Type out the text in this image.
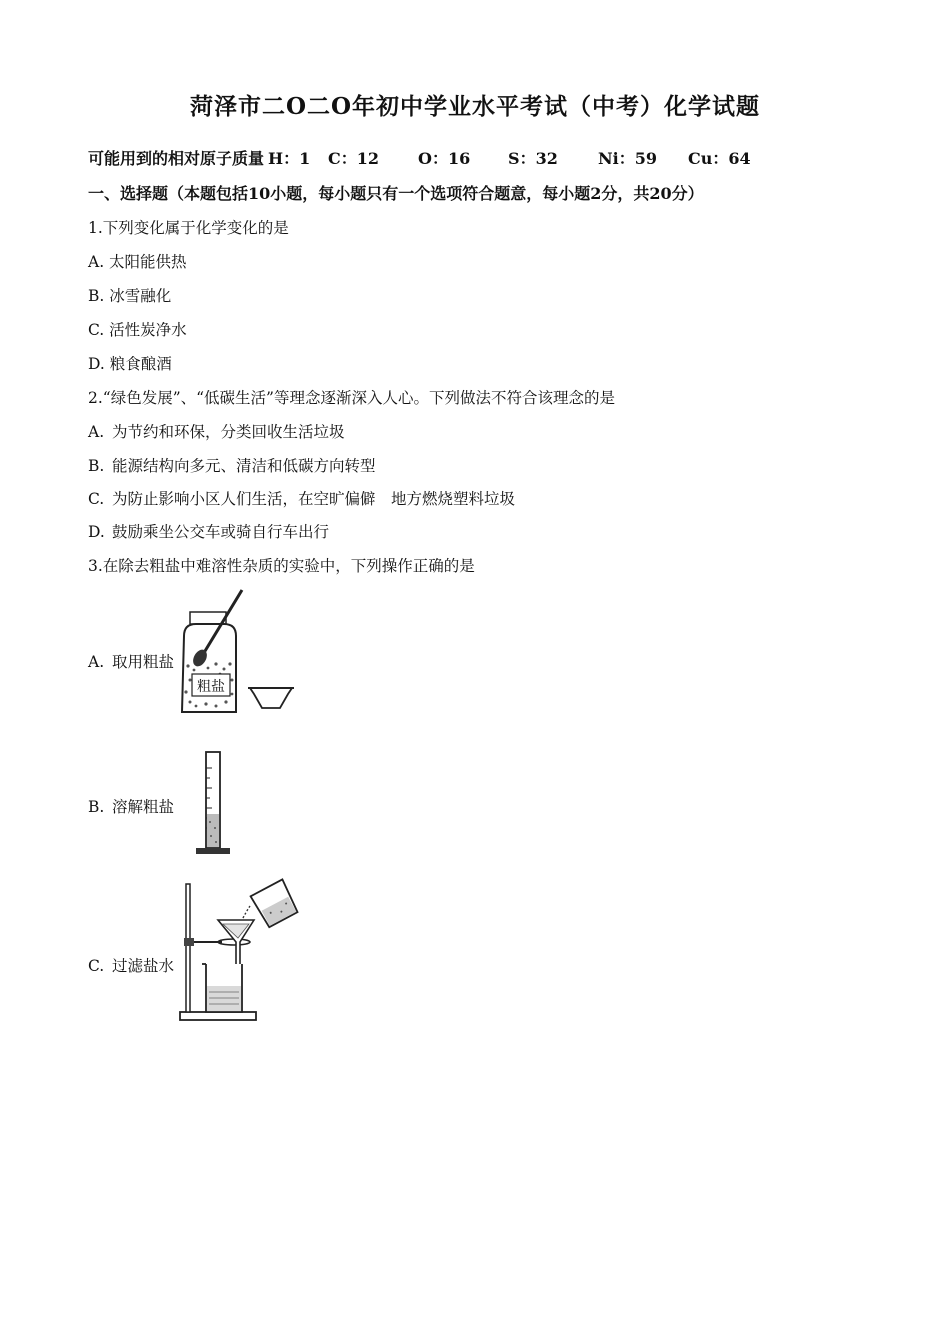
菏泽市二O二O年初中学业水平考试（中考）化学试题
可能用到的相对原子质量 H：1 C：12 O：16 S：32	Ni：59 Cu：64
一、选择题（本题包括10小题，每小题只有一个选项符合题意，每小题2分，共20分）
1.下列变化属于化学变化的是
A. 太阳能供热
B. 冰雪融化
C. 活性炭净水
D. 粮食酿酒
2.“绿色发展”、“低碳生活”等理念逐渐深入人心。下列做法不符合该理念的是
A. 为节约和环保，分类回收生活垃圾
B. 能源结构向多元、清洁和低碳方向转型
C. 为防止影响小区人们生活，在空旷偏僻　地方燃烧塑料垃圾
D. 鼓励乘坐公交车或骑自行车出行
3.在除去粗盐中难溶性杂质的实验中，下列操作正确的是
A. 取用粗盐
粗盐
B. 溶解粗盐
C. 过滤盐水
